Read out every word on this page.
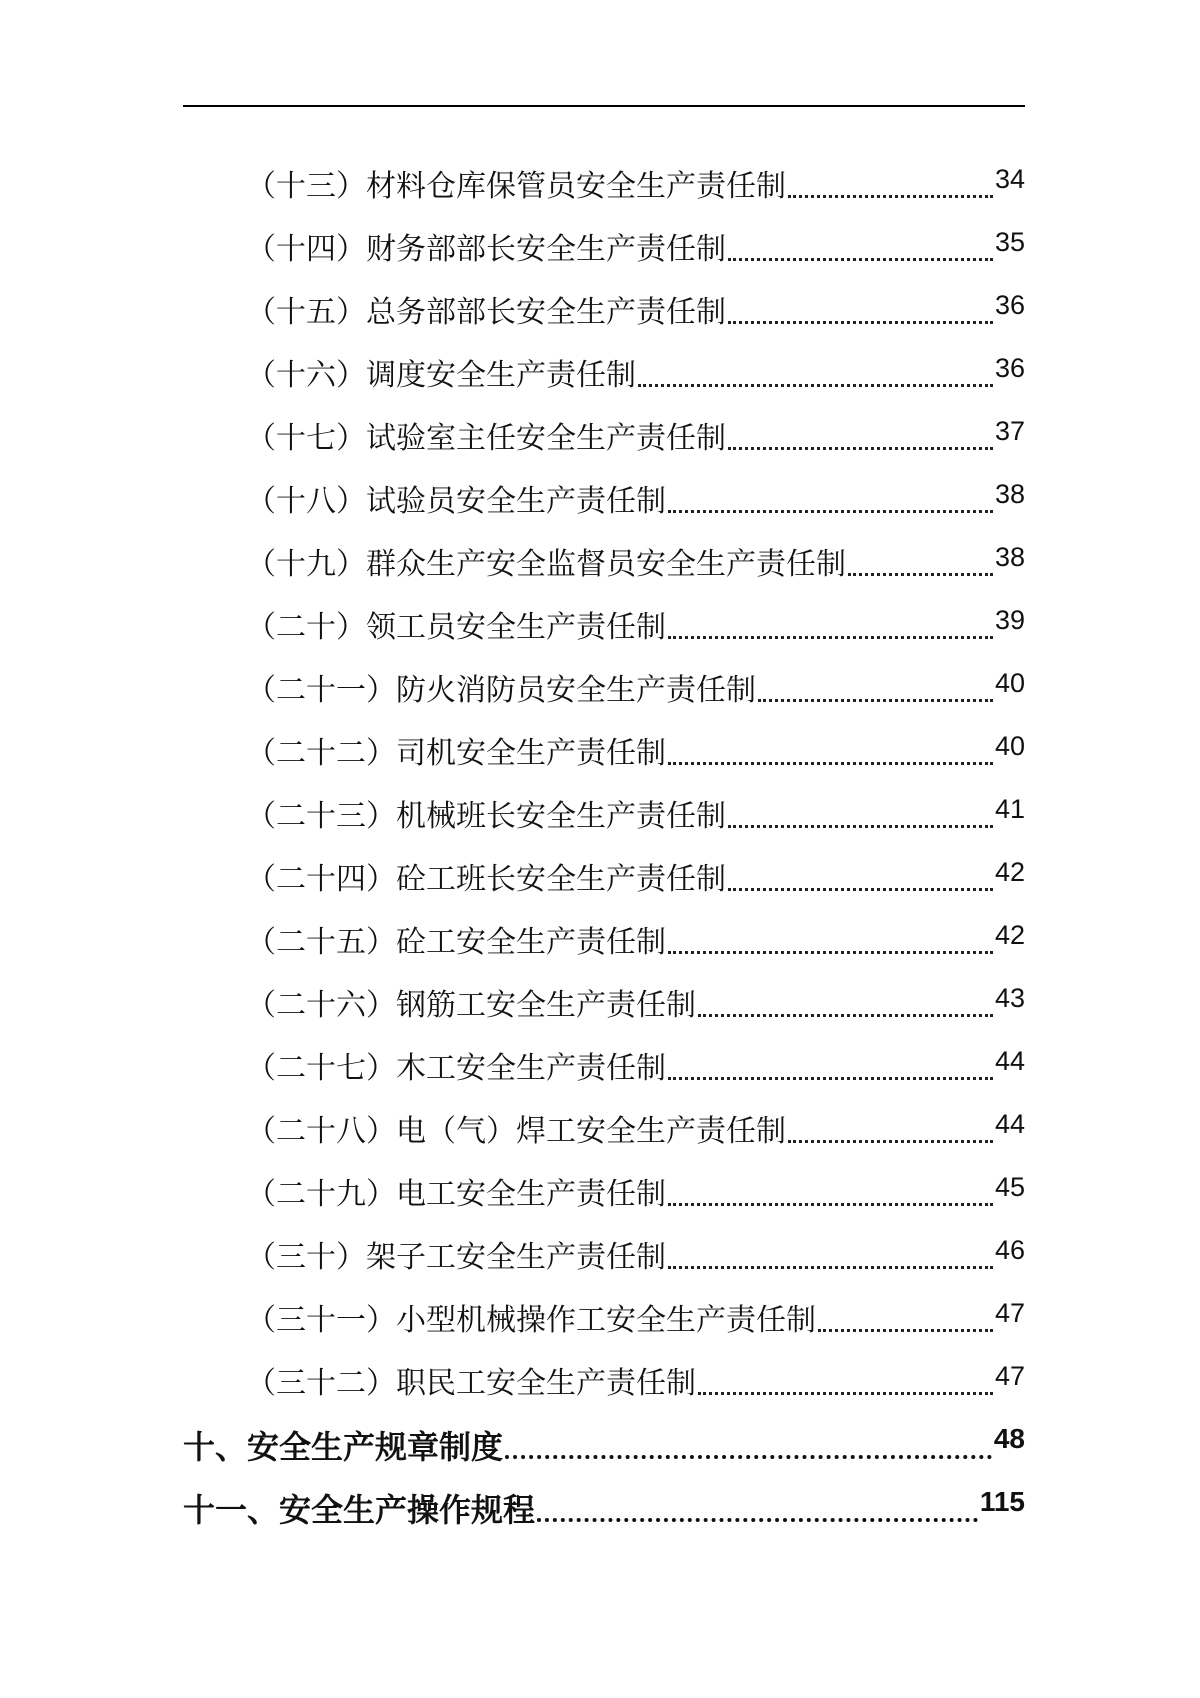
（十三）材料仓库保管员安全生产责任制	34
（十四）财务部部长安全生产责任制	35
（十五）总务部部长安全生产责任制	36
（十六）调度安全生产责任制	36
（十七）试验室主任安全生产责任制	37
（十八）试验员安全生产责任制	38
（十九）群众生产安全监督员安全生产责任制	38
（二十）领工员安全生产责任制	39
（二十一）防火消防员安全生产责任制	40
（二十二）司机安全生产责任制	40
（二十三）机械班长安全生产责任制	41
（二十四）砼工班长安全生产责任制	42
（二十五）砼工安全生产责任制	42
（二十六）钢筋工安全生产责任制	43
（二十七）木工安全生产责任制	44
（二十八）电（气）焊工安全生产责任制	44
（二十九）电工安全生产责任制	45
（三十）架子工安全生产责任制	46
（三十一）小型机械操作工安全生产责任制	47
（三十二）职民工安全生产责任制	47
十、安全生产规章制度	48
十一、安全生产操作规程	115
